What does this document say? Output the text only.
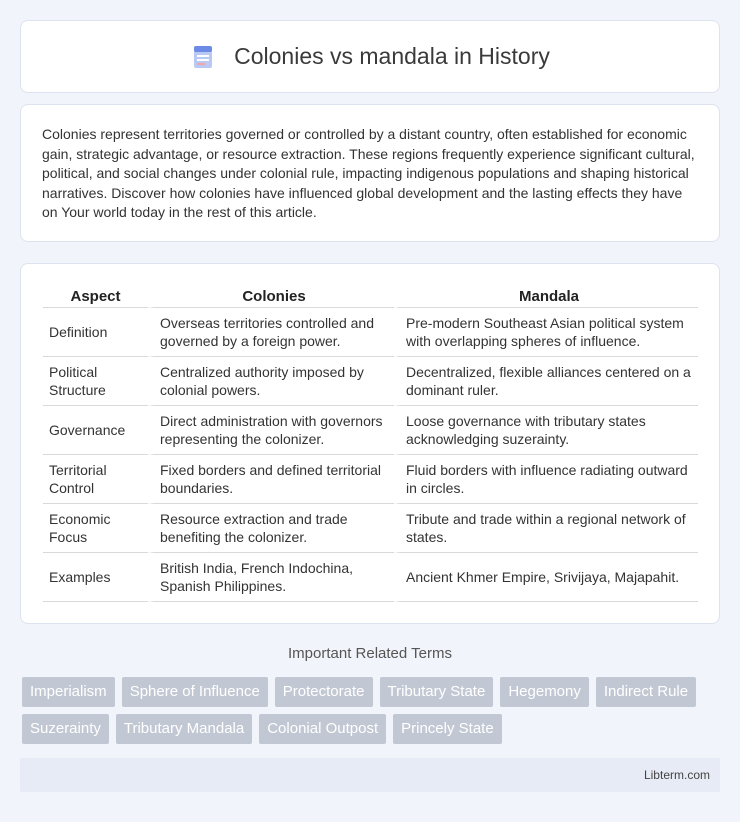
Colonies vs mandala in History

Colonies represent territories governed or controlled by a distant country, often established for economic gain, strategic advantage, or resource extraction. These regions frequently experience significant cultural, political, and social changes under colonial rule, impacting indigenous populations and shaping historical narratives. Discover how colonies have influenced global development and the lasting effects they have on Your world today in the rest of this article.

Aspect	Colonies	Mandala
Definition	Overseas territories controlled and governed by a foreign power.	Pre-modern Southeast Asian political system with overlapping spheres of influence.
Political Structure	Centralized authority imposed by colonial powers.	Decentralized, flexible alliances centered on a dominant ruler.
Governance	Direct administration with governors representing the colonizer.	Loose governance with tributary states acknowledging suzerainty.
Territorial Control	Fixed borders and defined territorial boundaries.	Fluid borders with influence radiating outward in circles.
Economic Focus	Resource extraction and trade benefiting the colonizer.	Tribute and trade within a regional network of states.
Examples	British India, French Indochina, Spanish Philippines.	Ancient Khmer Empire, Srivijaya, Majapahit.
Important Related Terms
Imperialism	Sphere of Influence	Protectorate	Tributary State	Hegemony	Indirect Rule
Suzerainty	Tributary Mandala	Colonial Outpost	Princely State
Libterm.com
